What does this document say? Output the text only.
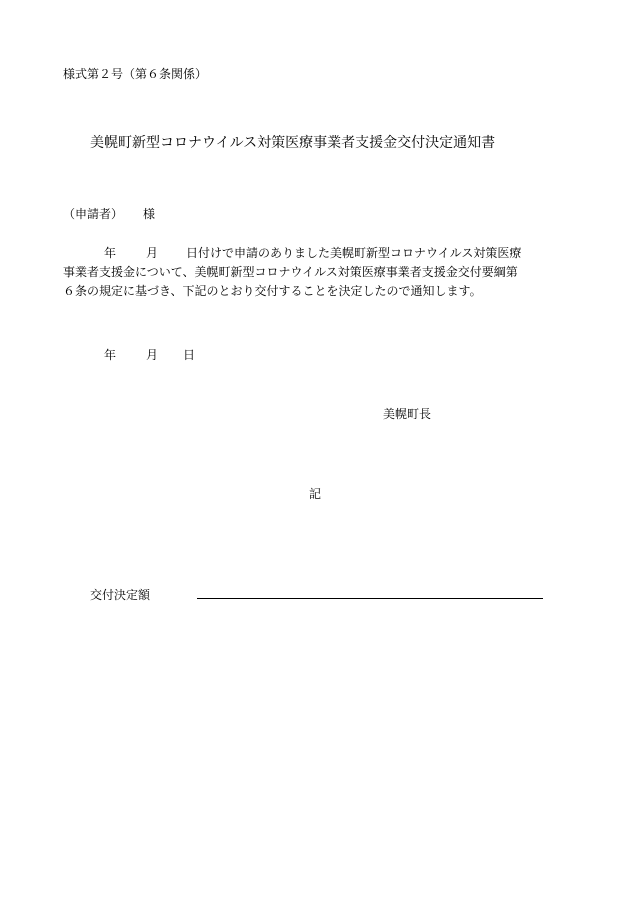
様式第２号（第６条関係）
美幌町新型コロナウイルス対策医療事業者支援金交付決定通知書
（申請者） 様
年	月 日付けで申請のありました美幌町新型コロナウイルス対策医療
事業者支援金について、美幌町新型コロナウイルス対策医療事業者支援金交付要綱第
６条の規定に基づき、下記のとおり交付することを決定したので通知します。
年	月 日
美幌町長
記
交付決定額
